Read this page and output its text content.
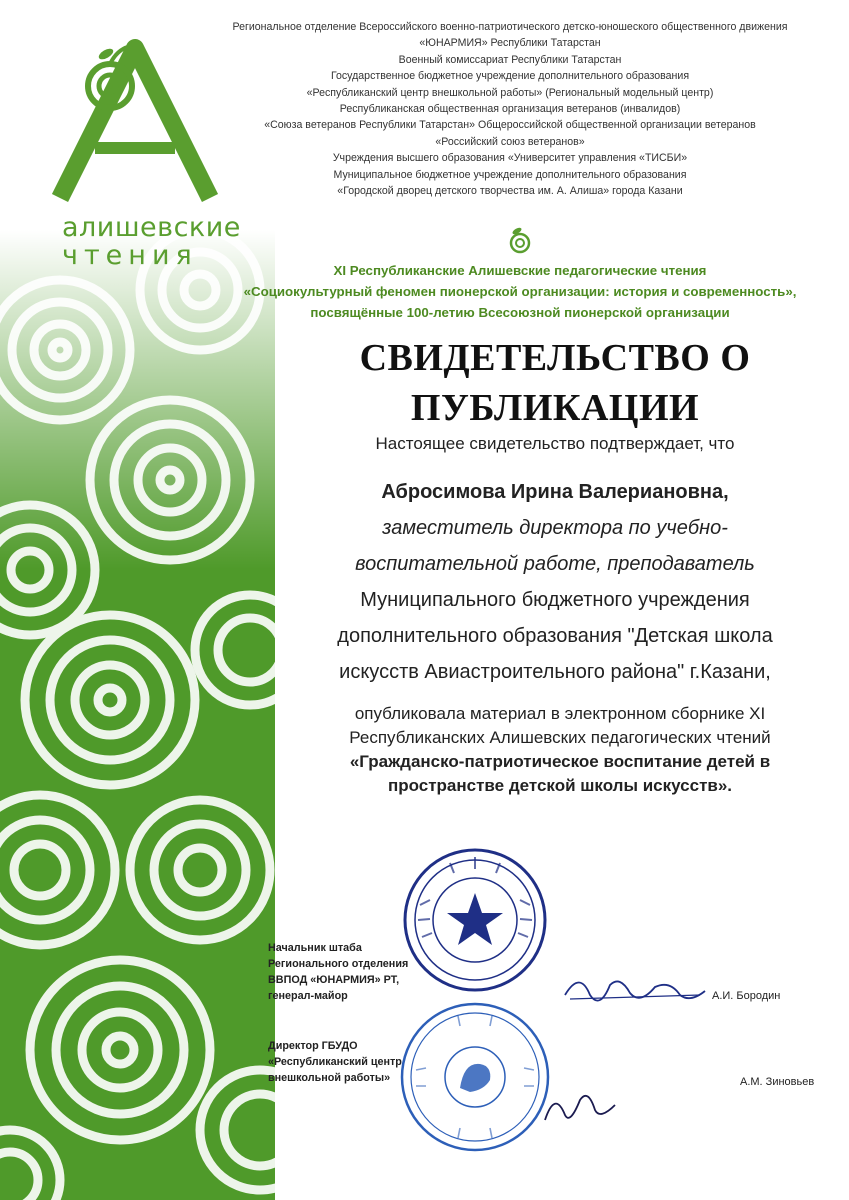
алишевские
чтения
Региональное отделение Всероссийского военно-патриотического детско-юношеского общественного движения
«ЮНАРМИЯ» Республики Татарстан
Военный комиссариат Республики Татарстан
Государственное бюджетное учреждение дополнительного образования
«Республиканский центр внешкольной работы» (Региональный модельный центр)
Республиканская общественная организация ветеранов (инвалидов)
«Союза ветеранов Республики Татарстан» Общероссийской общественной организации ветеранов
«Российский союз ветеранов»
Учреждения высшего образования «Университет управления «ТИСБИ»
Муниципальное бюджетное учреждение дополнительного образования
«Городской дворец детского творчества им. А. Алиша» города Казани
XI Республиканские Алишевские педагогические чтения
«Социокультурный феномен пионерской организации: история и современность»,
посвящённые 100-летию Всесоюзной пионерской организации
СВИДЕТЕЛЬСТВО О
ПУБЛИКАЦИИ
Настоящее свидетельство подтверждает, что
Абросимова Ирина Валериановна,
заместитель директора по учебно-
воспитательной работе, преподаватель
Муниципального бюджетного учреждения
дополнительного образования "Детская школа
искусств Авиастроительного района" г.Казани,
опубликовала материал в электронном сборнике XI
Республиканских Алишевских педагогических чтений
«Гражданско-патриотическое воспитание детей в
пространстве детской школы искусств».
Начальник штаба
Регионального отделения
ВВПОД «ЮНАРМИЯ» РТ,
генерал-майор	А.И. Бородин
Директор ГБУДО
«Республиканский центр
внешкольной работы»	А.М. Зиновьев
